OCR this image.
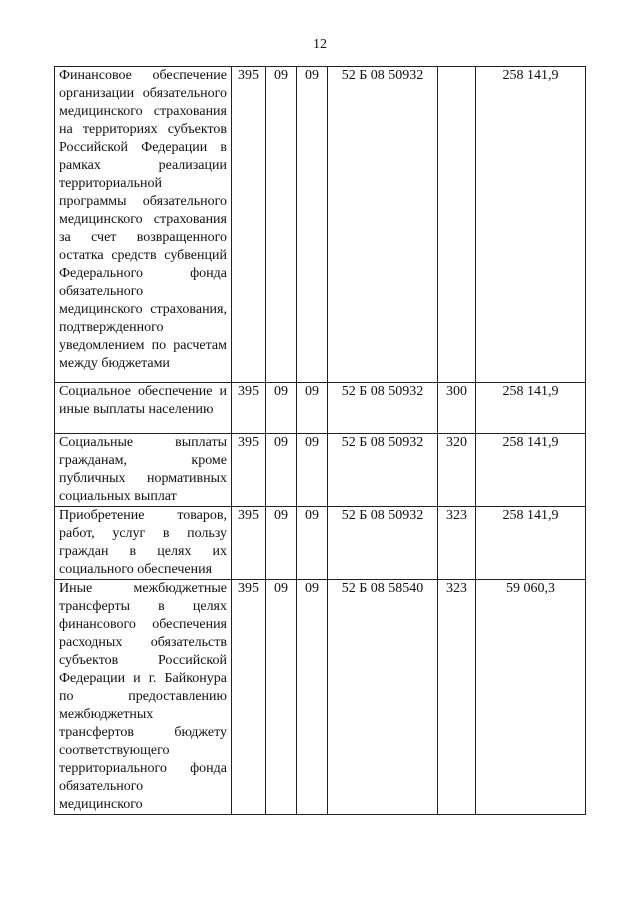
12
Финансовое обеспечение организации обязательного медицинского страхования на территориях субъектов Российской Федерации в рамках реализации территориальной программы обязательного медицинского страхования за счет возвращенного остатка средств субвенций Федерального фонда обязательного медицинского страхования, подтвержденного уведомлением по расчетам между бюджетами	395	09	09	52 Б 08 50932		258 141,9
Социальное обеспечение и иные выплаты населению	395	09	09	52 Б 08 50932	300	258 141,9
Социальные выплаты гражданам, кроме публичных нормативных социальных выплат	395	09	09	52 Б 08 50932	320	258 141,9
Приобретение товаров, работ, услуг в пользу граждан в целях их социального обеспечения	395	09	09	52 Б 08 50932	323	258 141,9
Иные межбюджетные трансферты в целях финансового обеспечения расходных обязательств субъектов Российской Федерации и г. Байконура по предоставлению межбюджетных трансфертов бюджету соответствующего территориального фонда обязательного медицинского	395	09	09	52 Б 08 58540	323	59 060,3
